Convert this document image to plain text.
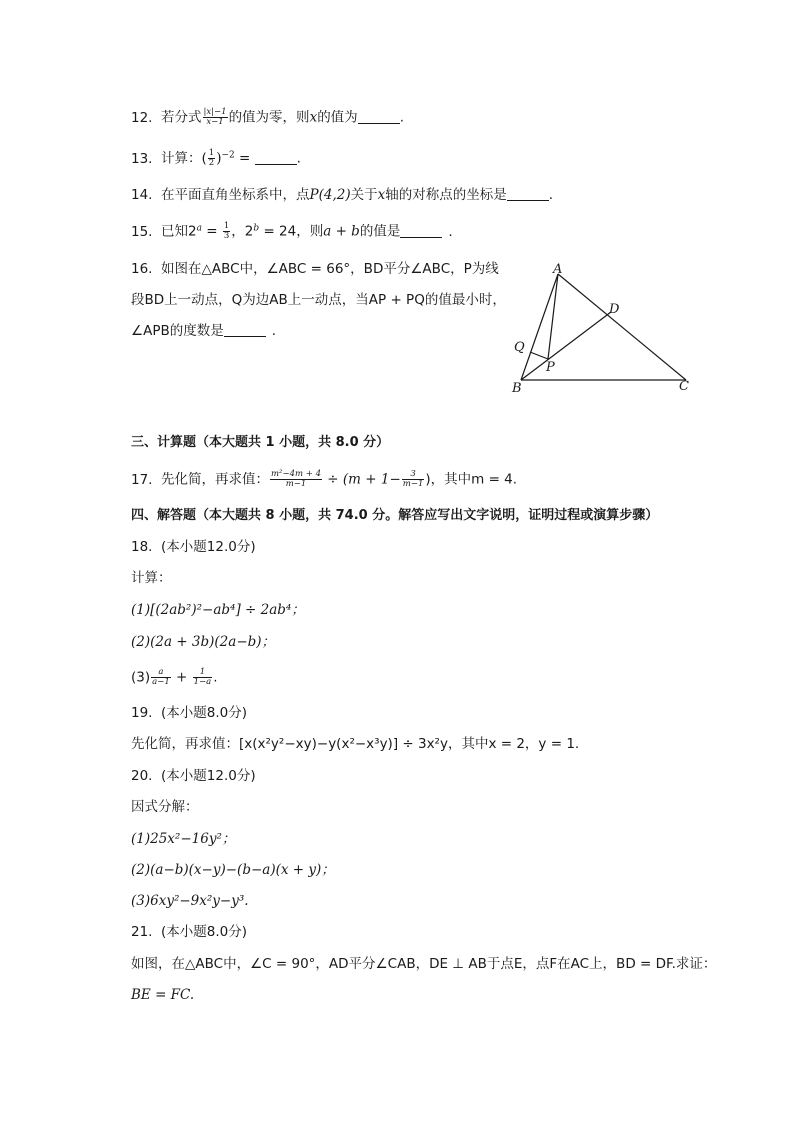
12. 若分式 $\frac{|x|-1}{x-1}$ 的值为零，则x的值为	.
13. 计算：( $\frac{1}{2} )^{-2}$ =	.
14. 在平面直角坐标系中，点P(4,2)关于x轴的对称点的坐标是	.
15. 已知$2^a = \frac{1}{3}$ ，$2^b = 24$，则a + b的值是	.
16. 如图在△ABC中，∠ABC = 66°，BD平分∠ABC，P为线
段BD上一动点，Q为边AB上一动点，当AP + PQ的值最小时，
∠APB的度数是	.
A
B	C
D
P
Q
三、计算题（本大题共 1 小题，共 8.0 分）
17. 先化简，再求值： $\frac{\text{m²−4m + 4}}{m-1} \div (m + 1- \frac{3}{m-1}$ )，其中m = 4.
四、解答题（本大题共 8 小题，共 74.0 分。解答应写出文字说明，证明过程或演算步骤）
18. (本小题12.0分)
计算：
(1)[(2ab²)²−ab⁴] ÷ 2ab⁴；
(2)(2a + 3b)(2a−b)；
$(3) \frac{a}{a-1} + \frac{1}{1-a}$ .
19. (本小题8.0分)
先化简，再求值：[x(x²y²−xy)−y(x²−x³y)] ÷ 3x²y，其中x = 2，y = 1.
20. (本小题12.0分)
因式分解：
(1)25x²−16y²；
(2)(a−b)(x−y)−(b−a)(x + y)；
(3)6xy²−9x²y−y³.
21. (本小题8.0分)
如图，在△ABC中，∠C = 90°，AD平分∠CAB，DE ⊥ AB于点E，点F在AC上，BD = DF.求证：
BE = FC.
